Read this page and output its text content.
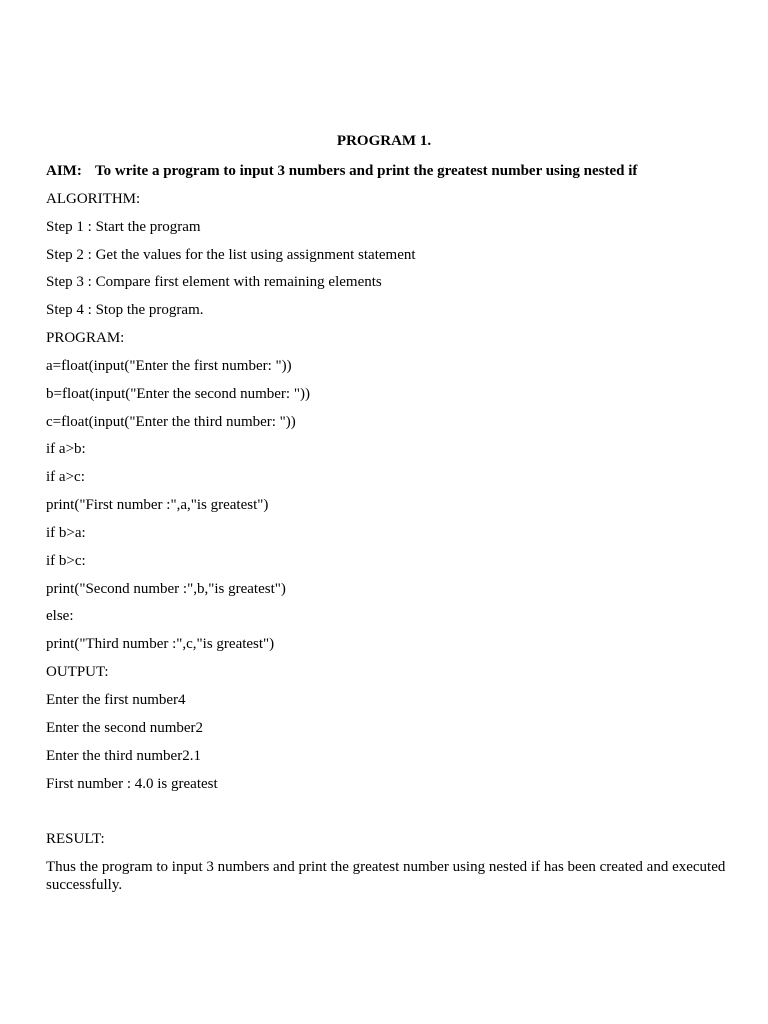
PROGRAM 1.
AIM: To write a program to input 3 numbers and print the greatest number using nested if
ALGORITHM:
Step 1 : Start the program
Step 2 : Get the values for the list using assignment statement
Step 3 : Compare first element with remaining elements
Step 4 : Stop the program.
PROGRAM:
a=float(input("Enter the first number: "))
b=float(input("Enter the second number: "))
c=float(input("Enter the third number: "))
if a>b:
if a>c:
print("First number :",a,"is greatest")
if b>a:
if b>c:
print("Second number :",b,"is greatest")
else:
print("Third number :",c,"is greatest")
OUTPUT:
Enter the first number4
Enter the second number2
Enter the third number2.1
First number : 4.0 is greatest
RESULT:
Thus the program to input 3 numbers and print the greatest number using nested if has been created and executed successfully.
